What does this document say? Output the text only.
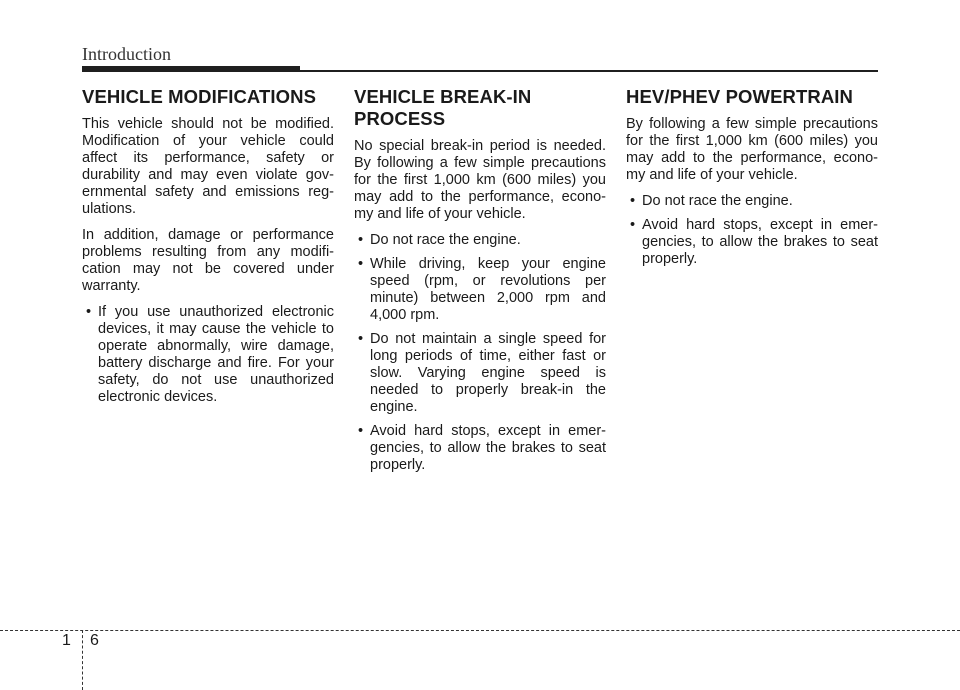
Introduction
VEHICLE MODIFICATIONS

This vehicle should not be modified. Modification of your vehicle could affect its performance, safety or durability and may even violate gov- ernmental safety and emissions reg- ulations.

In addition, damage or performance problems resulting from any modifi- cation may not be covered under warranty.

• If you use unauthorized electronic devices, it may cause the vehicle to operate abnormally, wire damage, battery discharge and fire. For your safety, do not use unauthorized electronic devices.
VEHICLE BREAK-IN PROCESS

No special break-in period is needed. By following a few simple precautions for the first 1,000 km (600 miles) you may add to the performance, econo- my and life of your vehicle.

• Do not race the engine.
• While driving, keep your engine speed (rpm, or revolutions per minute) between 2,000 rpm and 4,000 rpm.
• Do not maintain a single speed for long periods of time, either fast or slow. Varying engine speed is needed to properly break-in the engine.
• Avoid hard stops, except in emer- gencies, to allow the brakes to seat properly.
HEV/PHEV POWERTRAIN

By following a few simple precautions for the first 1,000 km (600 miles) you may add to the performance, econo- my and life of your vehicle.

• Do not race the engine.
• Avoid hard stops, except in emer- gencies, to allow the brakes to seat properly.
1 6
